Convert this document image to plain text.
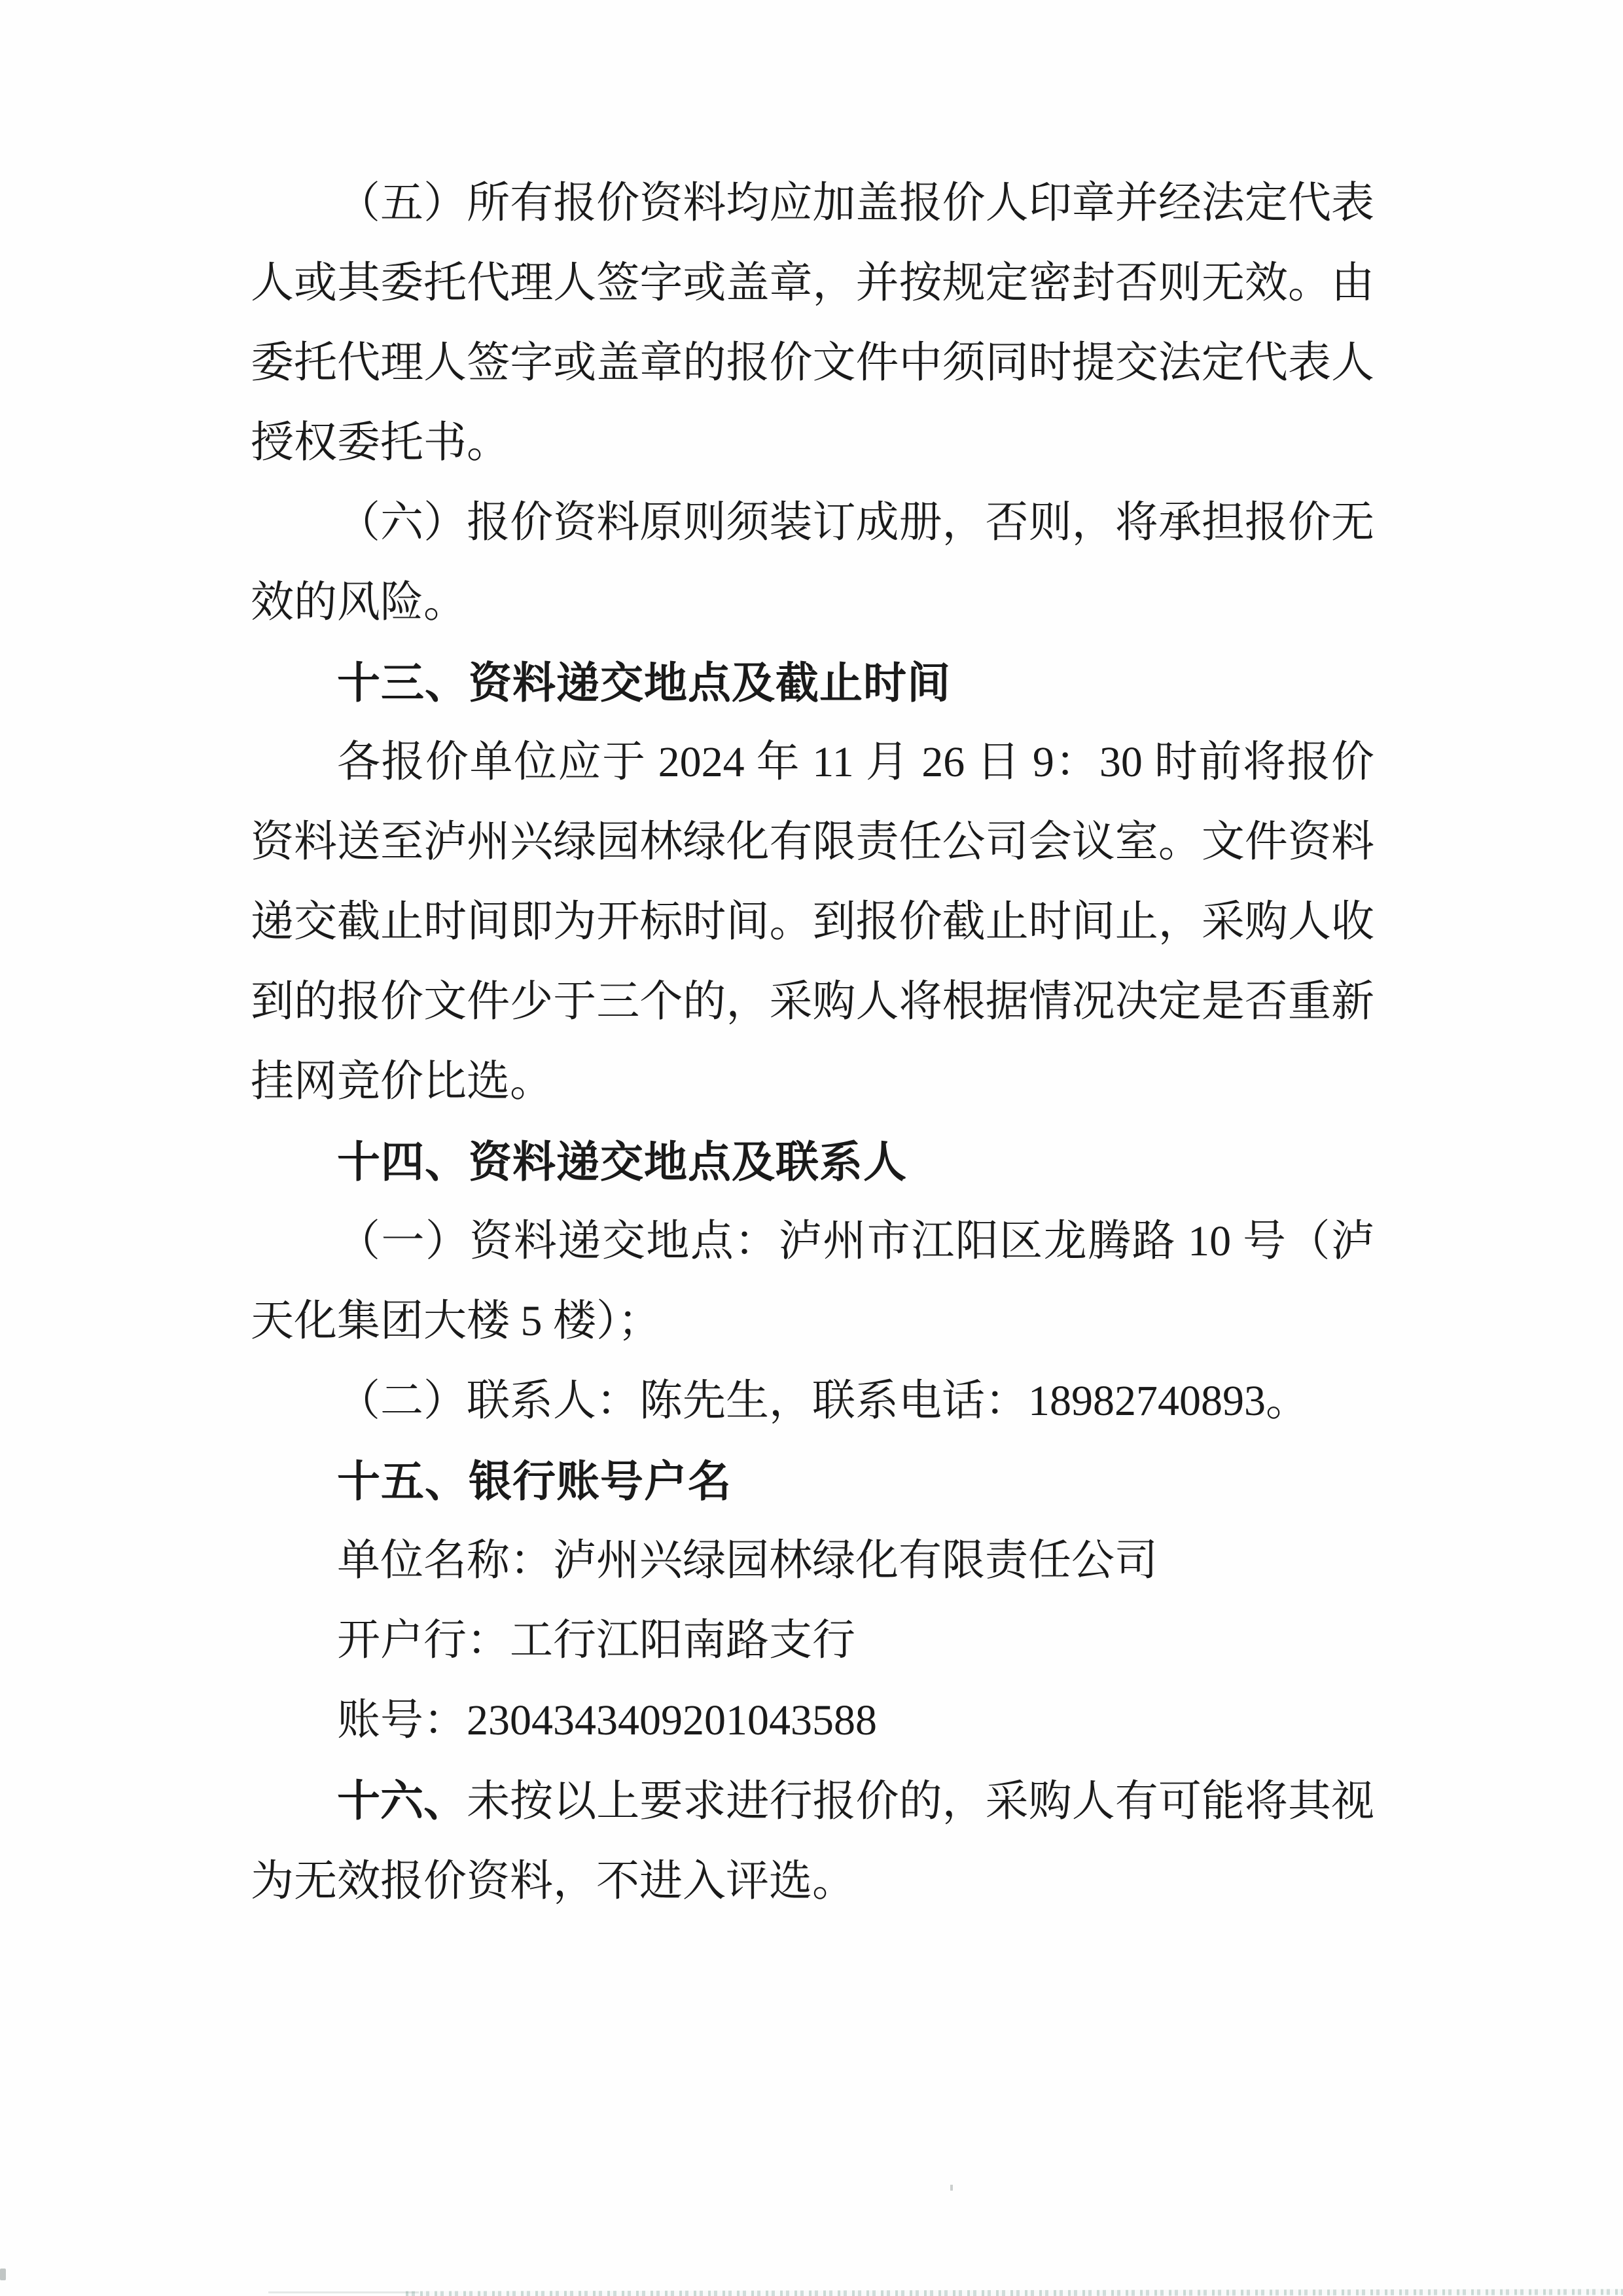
（五）所有报价资料均应加盖报价人印章并经法定代表人或其委托代理人签字或盖章，并按规定密封否则无效。由委托代理人签字或盖章的报价文件中须同时提交法定代表人授权委托书。

（六）报价资料原则须装订成册，否则，将承担报价无效的风险。

十三、资料递交地点及截止时间

各报价单位应于 2024 年 11 月 26 日 9：30 时前将报价资料送至泸州兴绿园林绿化有限责任公司会议室。文件资料递交截止时间即为开标时间。到报价截止时间止，采购人收到的报价文件少于三个的，采购人将根据情况决定是否重新挂网竞价比选。

十四、资料递交地点及联系人

（一）资料递交地点：泸州市江阳区龙腾路 10 号（泸天化集团大楼 5 楼）；

（二）联系人：陈先生，联系电话：18982740893。

十五、银行账号户名

单位名称：泸州兴绿园林绿化有限责任公司

开户行：工行江阳南路支行

账号：2304343409201043588

十六、未按以上要求进行报价的，采购人有可能将其视为无效报价资料，不进入评选。
